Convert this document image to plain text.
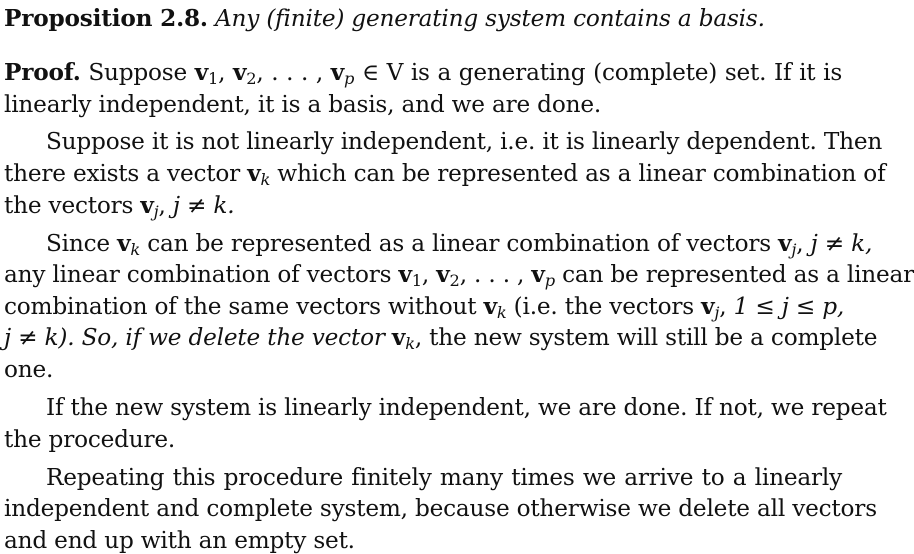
Proposition 2.8. Any (finite) generating system contains a basis.
Proof. Suppose $v_1$, $v_2$, . . . , $v_p$ ∈ V is a generating (complete) set. If it is
linearly independent, it is a basis, and we are done.
Suppose it is not linearly independent, i.e. it is linearly dependent. Then
there exists a vector $v_k$ which can be represented as a linear combination of
the vectors $v_j$, j ≠ k.
Since $v_k$ can be represented as a linear combination of vectors $v_j$, j ≠ k,
any linear combination of vectors $v_1$, $v_2$, . . . , $v_p$ can be represented as a linear
combination of the same vectors without $v_k$ (i.e. the vectors $v_j$, 1 ≤ j ≤ p,
j ≠ k). So, if we delete the vector $v_k$, the new system will still be a complete
one.
If the new system is linearly independent, we are done. If not, we repeat
the procedure.
Repeating this procedure finitely many times we arrive to a linearly
independent and complete system, because otherwise we delete all vectors
and end up with an empty set.
